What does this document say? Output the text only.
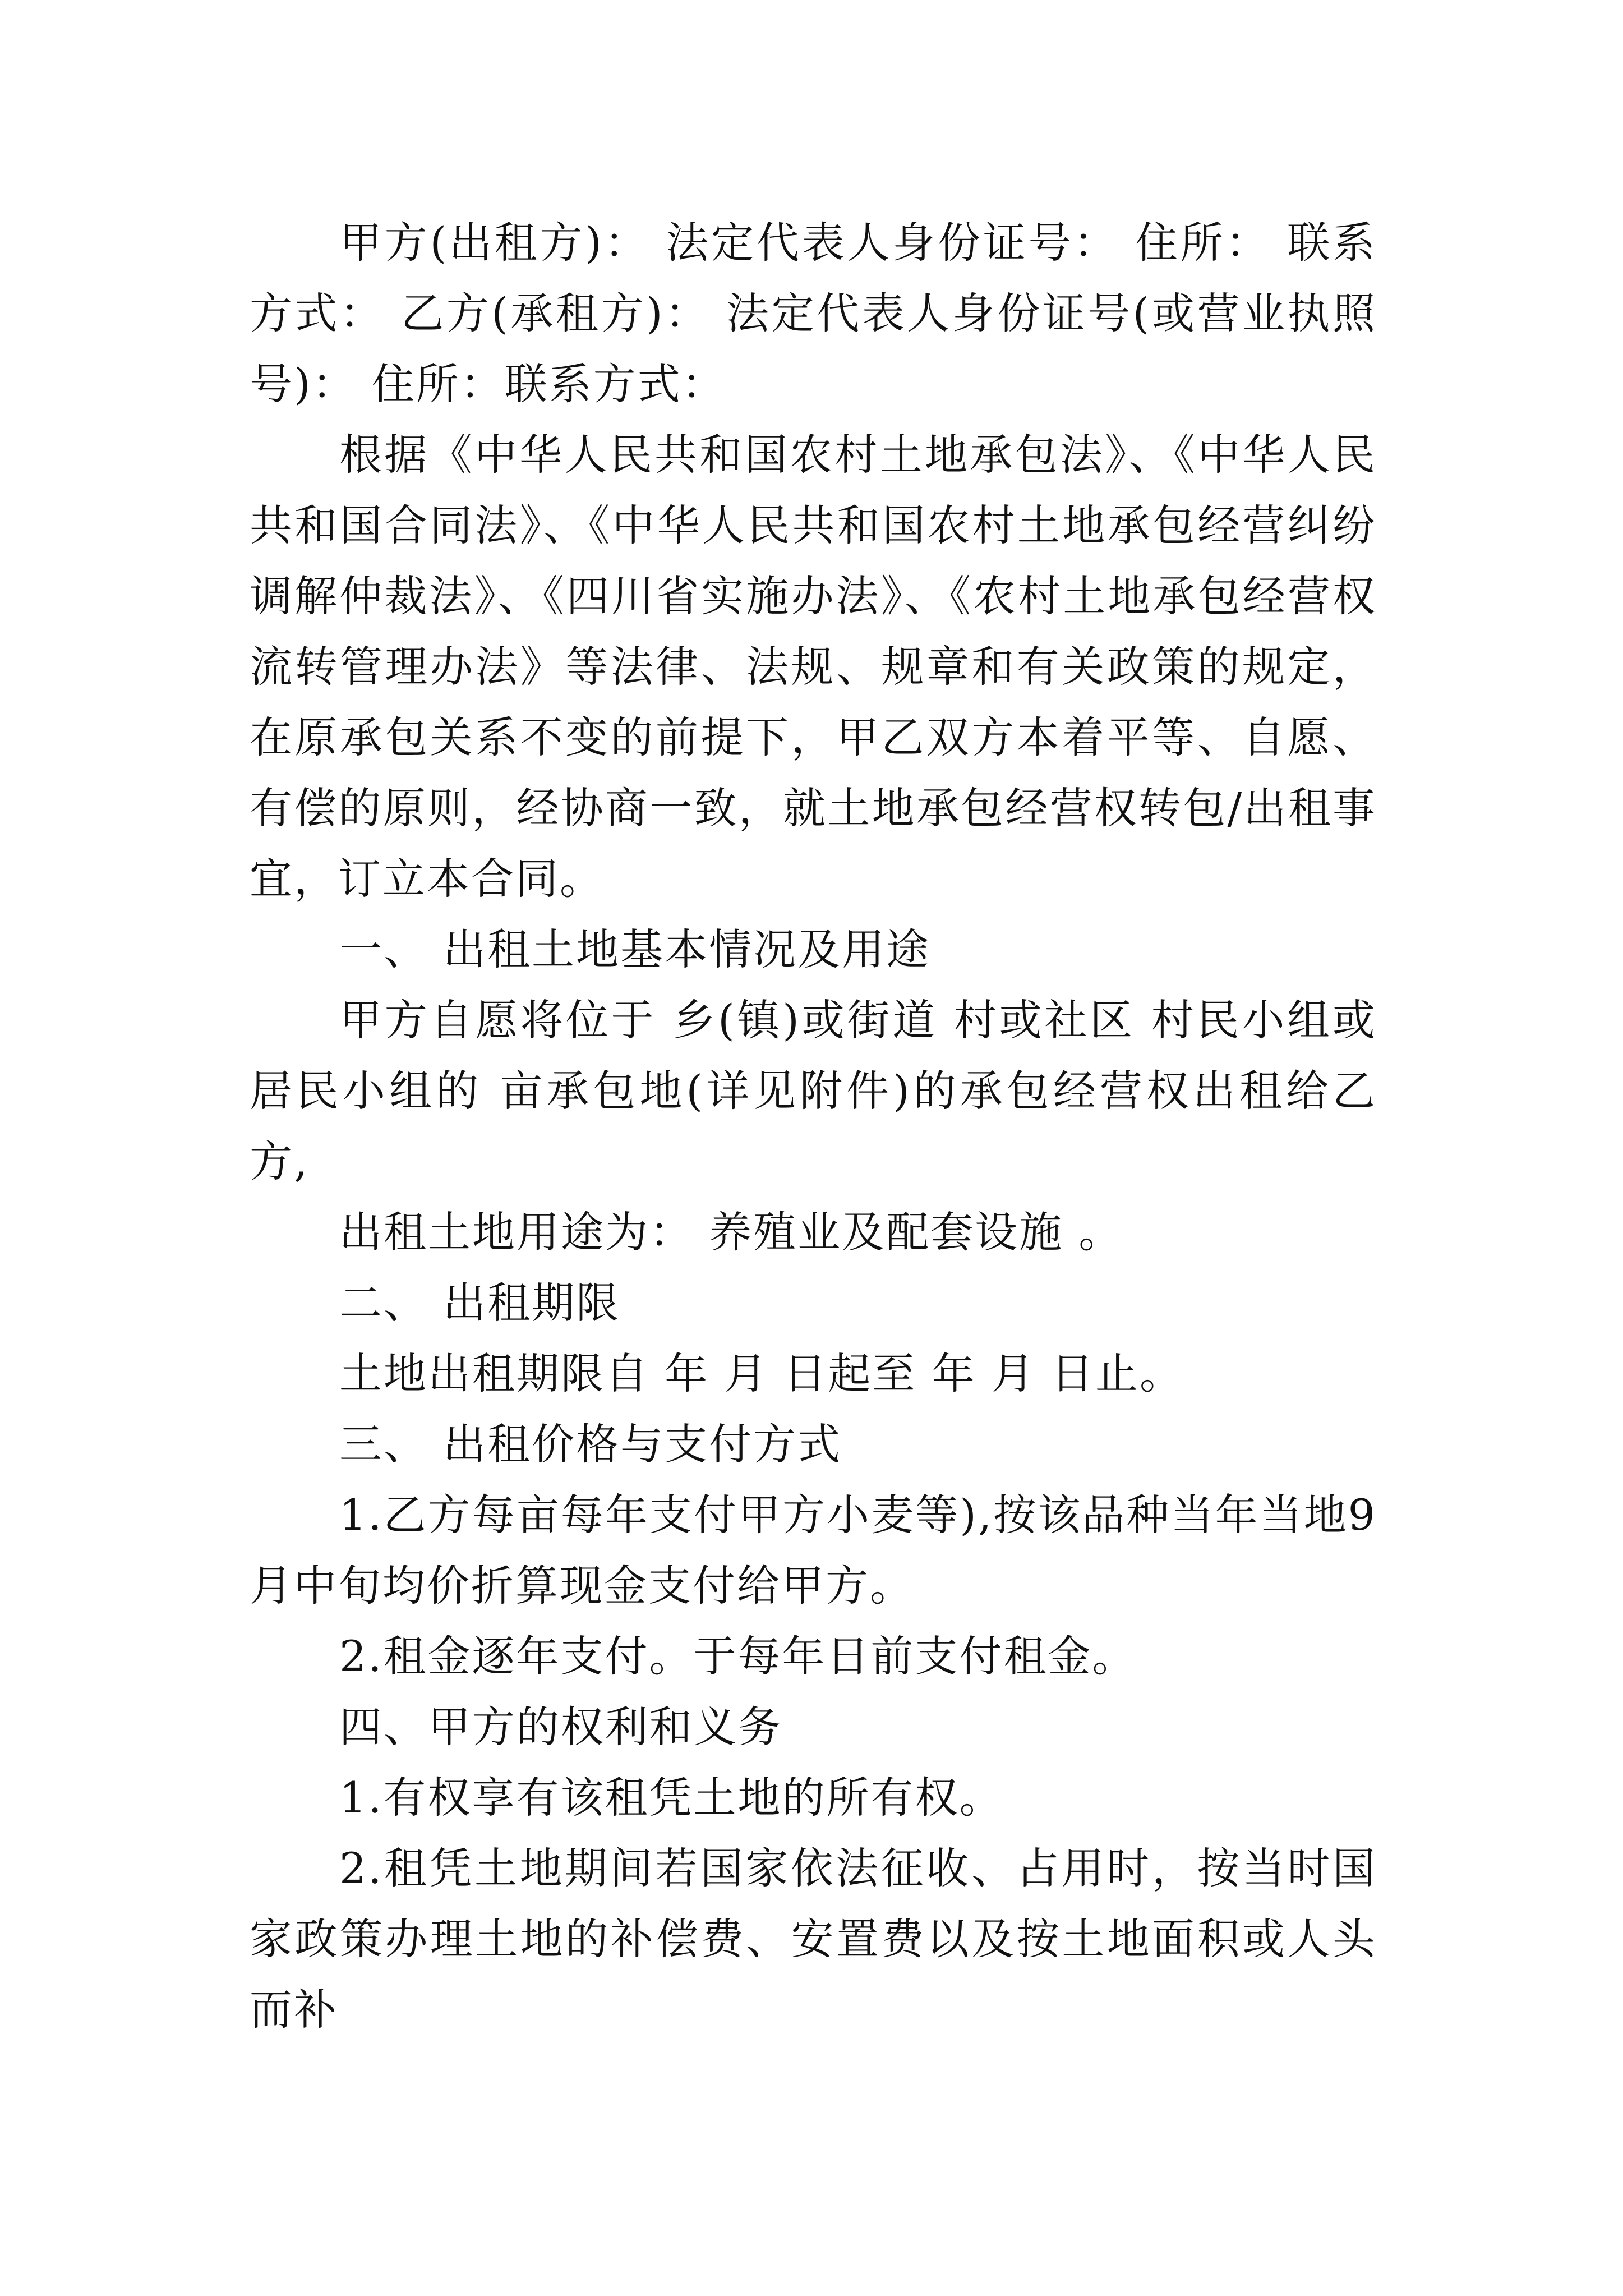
甲方(出租方)： 法定代表人身份证号： 住所： 联系方式： 乙方(承租方)： 法定代表人身份证号(或营业执照号)： 住所：联系方式：

根据《中华人民共和国农村土地承包法》、《中华人民共和国合同法》、《中华人民共和国农村土地承包经营纠纷调解仲裁法》、《四川省实施办法》、《农村土地承包经营权流转管理办法》等法律、法规、规章和有关政策的规定，在原承包关系不变的前提下，甲乙双方本着平等、自愿、有偿的原则，经协商一致，就土地承包经营权转包/出租事宜，订立本合同。

一、 出租土地基本情况及用途

甲方自愿将位于 乡(镇)或街道 村或社区 村民小组或居民小组的 亩承包地(详见附件)的承包经营权出租给乙方,

出租土地用途为： 养殖业及配套设施 。

二、 出租期限

土地出租期限自 年 月 日起至 年 月 日止。

三、 出租价格与支付方式

1.乙方每亩每年支付甲方小麦等),按该品种当年当地9月中旬均价折算现金支付给甲方。

2.租金逐年支付。于每年日前支付租金。

四、甲方的权利和义务

1.有权享有该租凭土地的所有权。

2.租凭土地期间若国家依法征收、占用时，按当时国家政策办理土地的补偿费、安置费以及按土地面积或人头而补
